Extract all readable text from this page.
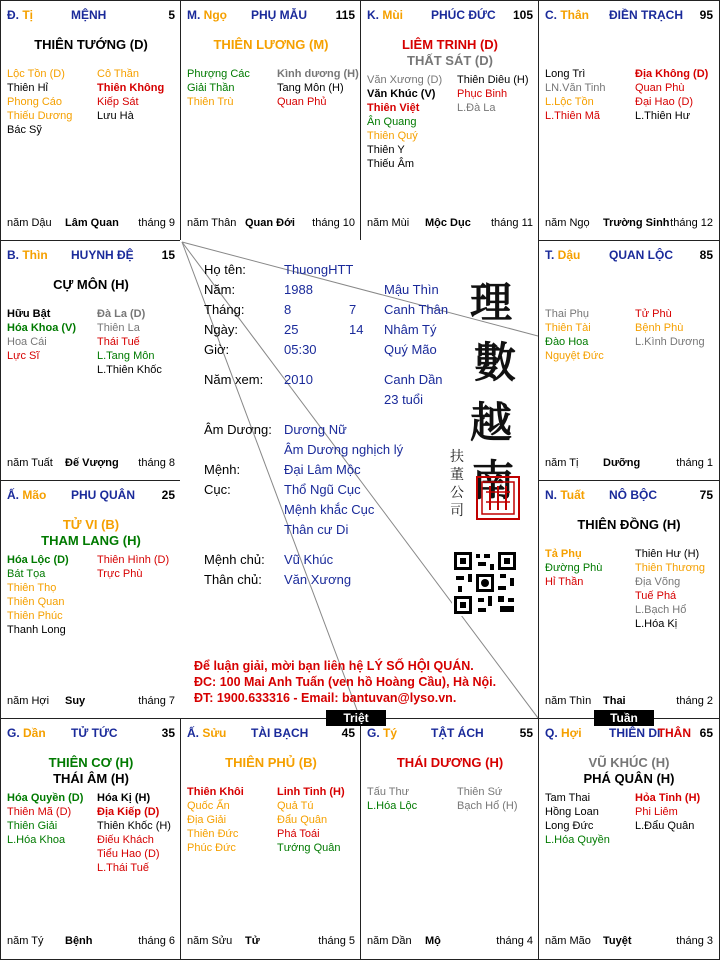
Đ. Tị	MỆNH	5
THIÊN TƯỚNG (D)
Lộc Tồn (D)
Thiên Hỉ
Phong Cáo
Thiếu Dương
Bác Sỹ
Cô Thần
Thiên Không
Kiếp Sát
Lưu Hà
năm Dậu Lâm Quan tháng 9
M. Ngọ PHỤ MẪU 115
THIÊN LƯƠNG (M)
Phượng Các
Giải Thần
Thiên Trù
Kình dương (H)
Tang Môn (H)
Quan Phủ
năm Thân Quan Đới tháng 10
K. Mùi PHÚC ĐỨC 105
LIÊM TRINH (D)
THẤT SÁT (D)
Văn Xương (D)
Văn Khúc (V)
Thiên Việt
Ân Quang
Thiên Quý
Thiên Y
Thiếu Âm
Thiên Diêu (H)
Phục Binh
L.Đà La
năm Mùi Mộc Dục tháng 11
C. Thân ĐIỀN TRẠCH 95
Long Trì
LN.Văn Tinh
L.Lộc Tồn
L.Thiên Mã
Địa Không (D)
Quan Phù
Đại Hao (D)
L.Thiên Hư
năm Ngọ Trường Sinh tháng 12
B. Thìn HUYNH ĐỆ 15
CỰ MÔN (H)
Hữu Bật
Hóa Khoa (V)
Hoa Cái
Lực Sĩ
Đà La (D)
Thiên La
Thái Tuế
L.Tang Môn
L.Thiên Khốc
năm Tuất Đế Vượng tháng 8
T. Dậu QUAN LỘC 85
Thai Phụ
Thiên Tài
Đào Hoa
Nguyệt Đức
Tử Phù
Bệnh Phù
L.Kình Dương
năm Tị Dưỡng	tháng 1
Ấ. Mão PHU QUÂN 25
TỬ VI (B)
THAM LANG (H)
Hóa Lộc (D)
Bát Tọa
Thiên Thọ
Thiên Quan
Thiên Phúc
Thanh Long
Thiên Hình (D)
Trực Phù
năm Hợi Suy	tháng 7
N. Tuất NÔ BỘC	75
THIÊN ĐỒNG (H)
Tả Phụ
Đường Phù
Hỉ Thần
Thiên Hư (H)
Thiên Thương
Địa Võng
Tuế Phá
L.Bạch Hổ
L.Hóa Kị
năm Thìn Thai	tháng 2
G. Dần TỬ TỨC	35
THIÊN CƠ (H)
THÁI ÂM (H)
Hóa Quyền (D)
Thiên Mã (D)
Thiên Giải
L.Hóa Khoa
Hóa Kị (H)
Địa Kiếp (D)
Thiên Khốc (H)
Điếu Khách
Tiểu Hao (D)
L.Thái Tuế
năm Tý Bệnh	tháng 6
Ấ. Sửu TÀI BẠCH	45
THIÊN PHỦ (B)
Thiên Khôi
Quốc Ấn
Địa Giải
Thiên Đức
Phúc Đức
Linh Tinh (H)
Quả Tú
Đẩu Quân
Phá Toái
Tướng Quân
năm Sửu Tử	tháng 5
G. Tý	TẬT ÁCH	55
THÁI DƯƠNG (H)
Tấu Thư
L.Hóa Lộc
Thiên Sứ
Bạch Hổ (H)
năm Dần Mộ	tháng 4
Q. Hợi THIÊN DI
THÂN 65
VŨ KHÚC (H)
PHÁ QUÂN (H)
Tam Thai
Hồng Loan
Long Đức
L.Hóa Quyền
Hỏa Tinh (H)
Phi Liêm
L.Đẩu Quân
năm Mão Tuyệt	tháng 3
Họ tên:	ThuongHTT
Năm:	1988	Mậu Thìn
Tháng:	8	7 Canh Thân
Ngày:	25	14 Nhâm Tý
Giờ:	05:30	Quý Mão
Năm xem: 2010	Canh Dần
23 tuổi
Âm Dương: Dương Nữ
Âm Dương nghịch lý
Mệnh:	Đại Lâm Mộc
Cục:	Thổ Ngũ Cục
Mệnh khắc Cục
Thân cư Di
Mệnh chủ: Vũ Khúc
Thân chủ: Văn Xương
理
數
越
南
扶
董
公
司
Để luận giải, mời bạn liên hệ LÝ SỐ HỘI QUÁN.
ĐC: 100 Mai Anh Tuấn (ven hồ Hoàng Cầu), Hà Nội.
ĐT: 1900.633316 - Email: bantuvan@lyso.vn.
Triệt	Tuần
